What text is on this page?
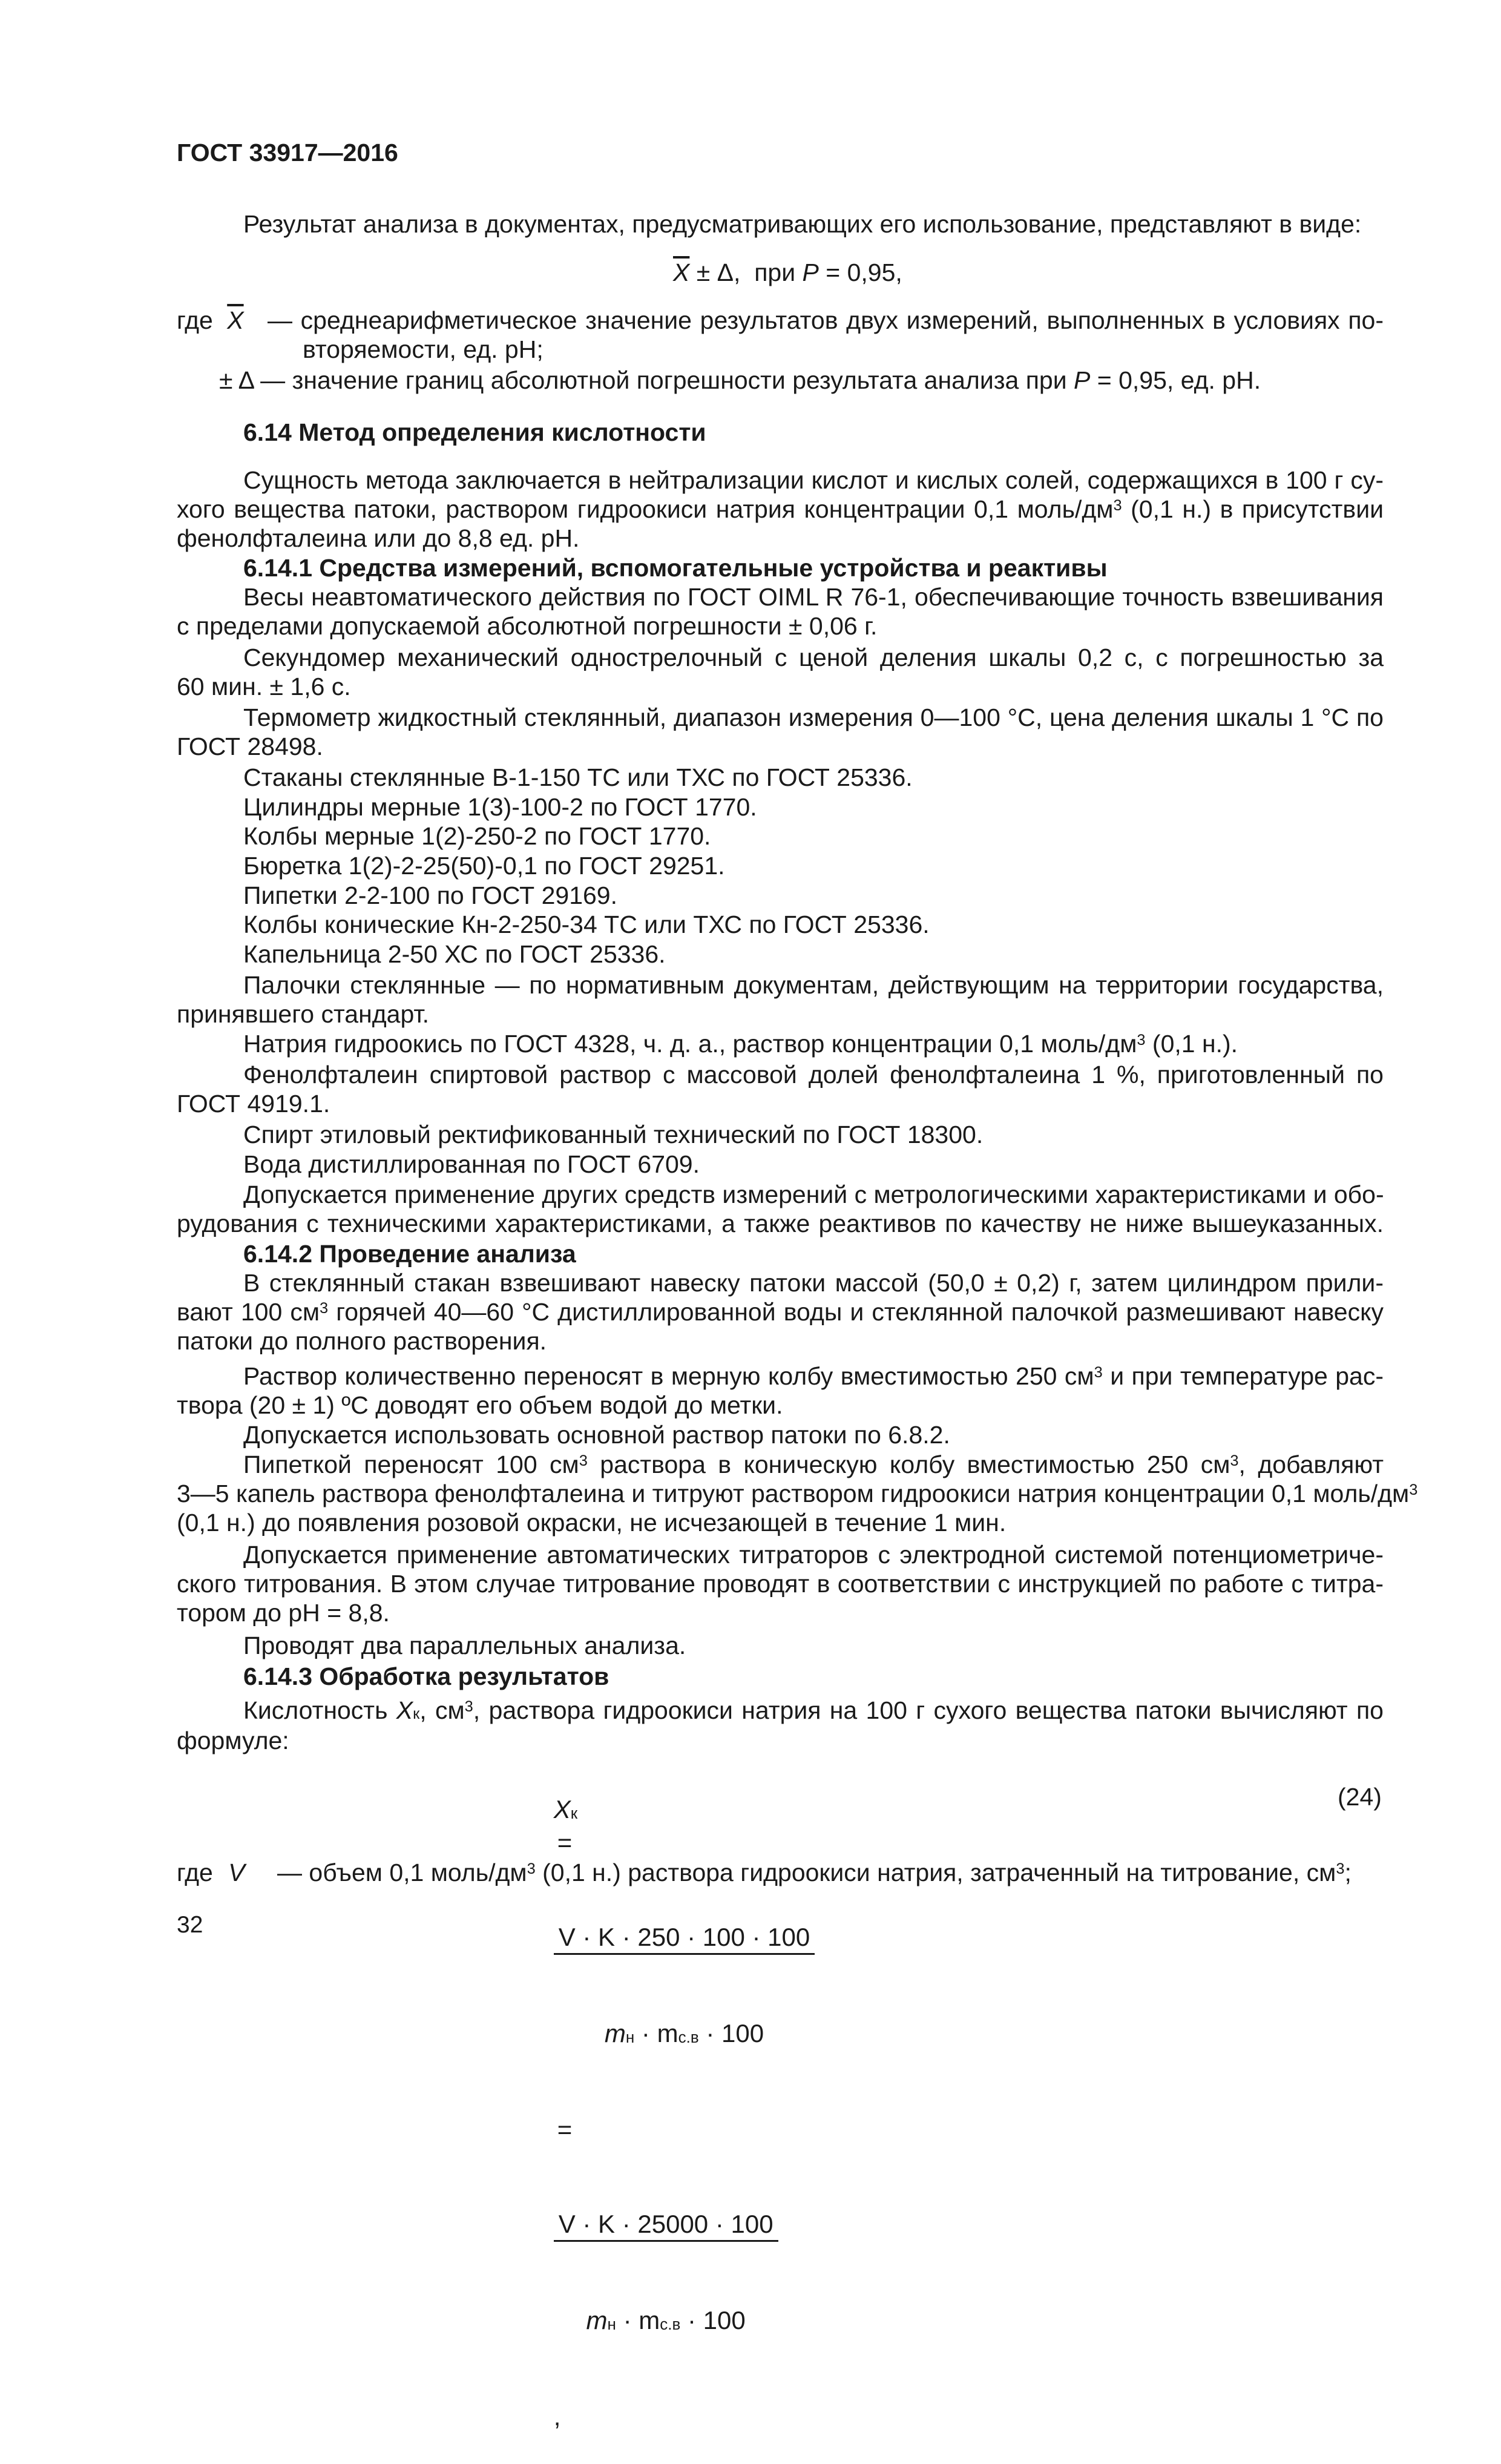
ГОСТ 33917—2016
Результат анализа в документах, предусматривающих его использование, представляют в виде:
$\overline{X} \pm \Delta$,  при P = 0,95,
где $\overline{X}$ — среднеарифметическое значение результатов двух измерений, выполненных в условиях по-
вторяемости, ед. pH;
± Δ — значение границ абсолютной погрешности результата анализа при P = 0,95, ед. pH.
6.14 Метод определения кислотности
Сущность метода заключается в нейтрализации кислот и кислых солей, содержащихся в 100 г су-
хого вещества патоки, раствором гидроокиси натрия концентрации 0,1 моль/$дм^3$ (0,1 н.) в присутствии
фенолфталеина или до 8,8 ед. pH.
6.14.1 Средства измерений, вспомогательные устройства и реактивы
Весы неавтоматического действия по ГОСТ OIML R 76-1, обеспечивающие точность взвешивания
с пределами допускаемой абсолютной погрешности ± 0,06 г.
Секундомер механический однострелочный с ценой деления шкалы 0,2 с, с погрешностью за
60 мин. ± 1,6 с.
Термометр жидкостный стеклянный, диапазон измерения 0—100 °С, цена деления шкалы 1 °С по
ГОСТ 28498.
Стаканы стеклянные В-1-150 ТС или ТХС по ГОСТ 25336.
Цилиндры мерные 1(3)-100-2 по ГОСТ 1770.
Колбы мерные 1(2)-250-2 по ГОСТ 1770.
Бюретка 1(2)-2-25(50)-0,1 по ГОСТ 29251.
Пипетки 2-2-100 по ГОСТ 29169.
Колбы конические Кн-2-250-34 ТС или ТХС по ГОСТ 25336.
Капельница 2-50 ХС по ГОСТ 25336.
Палочки стеклянные — по нормативным документам, действующим на территории государства,
принявшего стандарт.
Натрия гидроокись по ГОСТ 4328, ч. д. а., раствор концентрации 0,1 моль/$дм^3$ (0,1 н.).
Фенолфталеин спиртовой раствор с массовой долей фенолфталеина 1 %, приготовленный по
ГОСТ 4919.1.
Спирт этиловый ректификованный технический по ГОСТ 18300.
Вода дистиллированная по ГОСТ 6709.
Допускается применение других средств измерений с метрологическими характеристиками и обо-
рудования с техническими характеристиками, а также реактивов по качеству не ниже вышеуказанных.
6.14.2 Проведение анализа
В стеклянный стакан взвешивают навеску патоки массой (50,0 ± 0,2) г, затем цилиндром прили-
вают 100 $см^3$ горячей 40—60 °С дистиллированной воды и стеклянной палочкой размешивают навеску
патоки до полного растворения.
Раствор количественно переносят в мерную колбу вместимостью 250 $см^3$ и при температуре рас-
твора (20 ± 1) ºС доводят его объем водой до метки.
Допускается использовать основной раствор патоки по 6.8.2.
Пипеткой переносят 100 $см^3$ раствора в коническую колбу вместимостью 250 $см^3$, добавляют
3—5 капель раствора фенолфталеина и титруют раствором гидроокиси натрия концентрации 0,1 моль/$дм^3$
(0,1 н.) до появления розовой окраски, не исчезающей в течение 1 мин.
Допускается применение автоматических титраторов с электродной системой потенциометриче-
ского титрования. В этом случае титрование проводят в соответствии с инструкцией по работе с титра-
тором до pH = 8,8.
Проводят два параллельных анализа.
6.14.3 Обработка результатов
Кислотность $X_к$, $см^3$, раствора гидроокиси натрия на 100 г сухого вещества патоки вычисляют по
формуле:

$X_к$
=

$\frac{V \cdot K \cdot 250 \cdot 100 \cdot 100}{m_н \cdot m_{с.в} \cdot 100}$

=

$\frac{V \cdot K \cdot 25000 \cdot 100}{m_н \cdot m_{с.в} \cdot 100}$

,

(24)
где V — объем 0,1 моль/$дм^3$ (0,1 н.) раствора гидроокиси натрия, затраченный на титрование, $см^3$;
32
